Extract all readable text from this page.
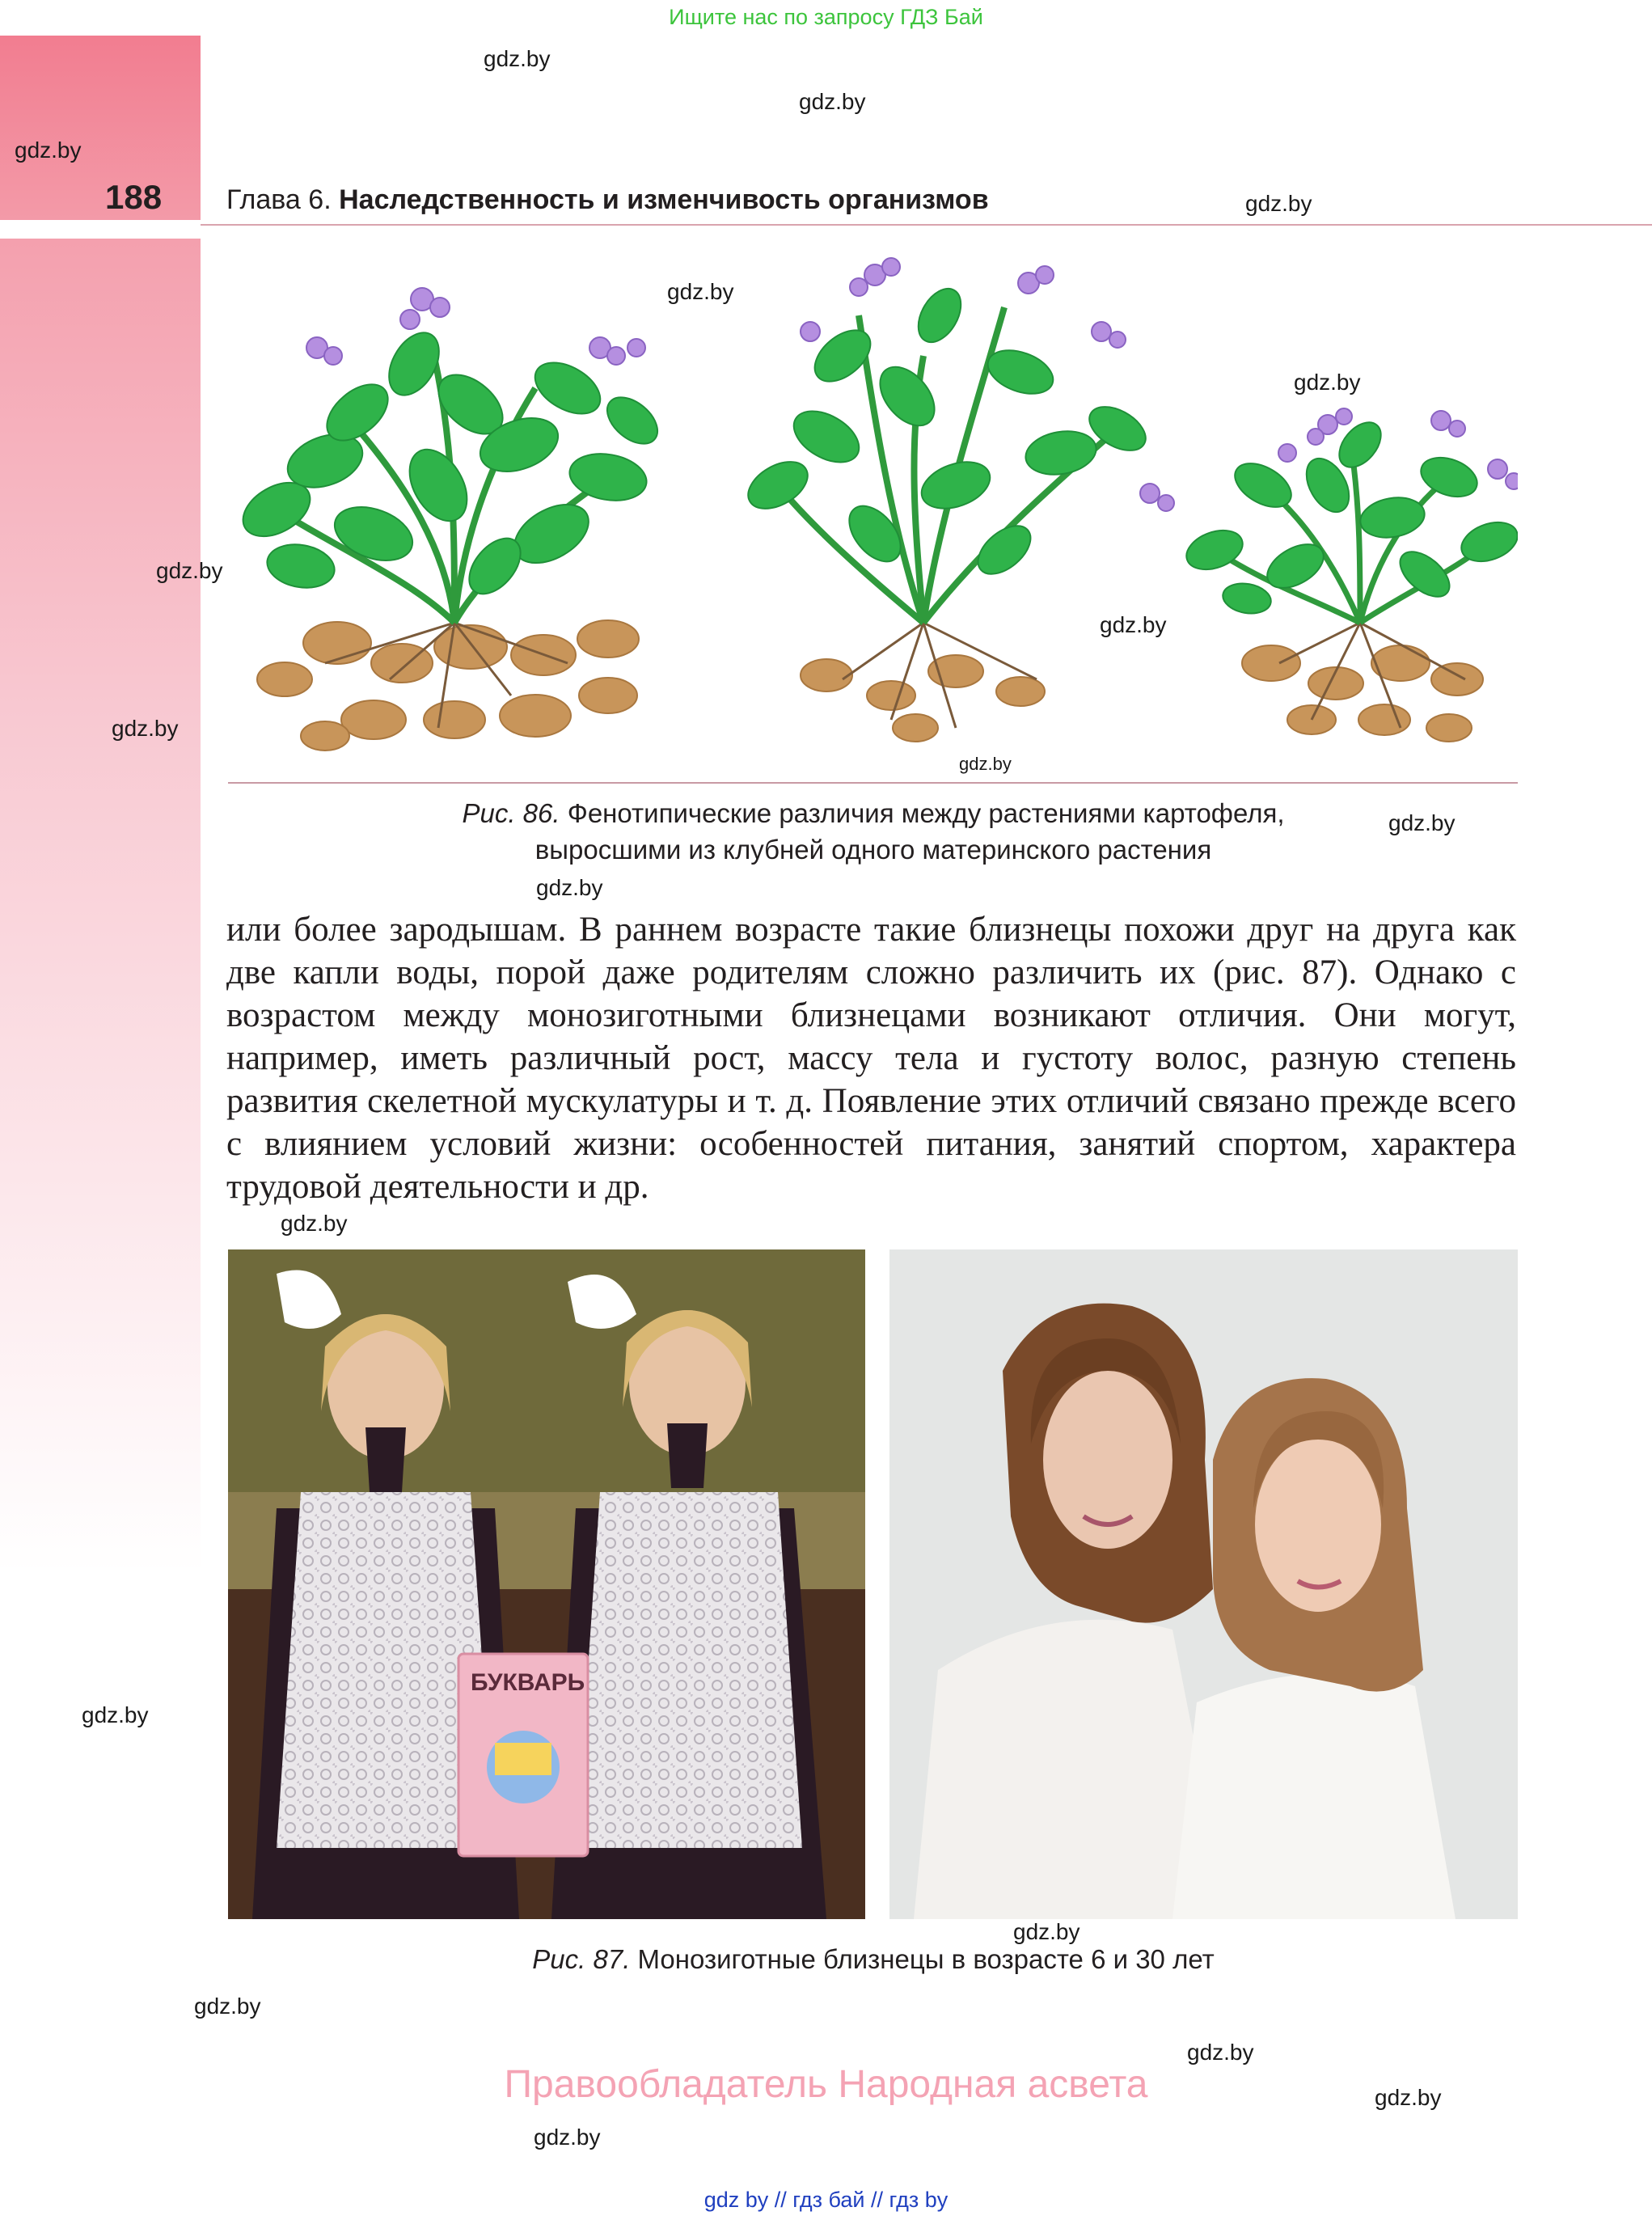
Ищите нас по запросу ГДЗ Бай
188 Глава 6. Наследственность и изменчивость организмов
gdz.by
gdz.by
gdz.by
gdz.by
gdz.by
gdz.by
gdz.by
gdz.by
gdz.by
gdz.by
gdz.by
gdz.by
gdz.by
gdz.by
gdz.by
gdz.by
gdz.by
gdz.by
gdz.by
Рис. 86. Фенотипические различия между растениями картофеля,
выросшими из клубней одного материнского растения
или более зародышам. В раннем возрасте такие близнецы похожи друг на друга как две капли воды, порой даже родителям сложно различить их (рис. 87). Однако с возрастом между монозиготными близнецами возникают отличия. Они могут, например, иметь различный рост, массу тела и густоту волос, разную степень развития скелетной мускулатуры и т. д. Появление этих отличий связано прежде всего с влиянием условий жизни: особенностей питания, занятий спортом, характера трудовой деятельности и др.
БУКВАРЬ
Рис. 87. Монозиготные близнецы в возрасте 6 и 30 лет
Правообладатель Народная асвета
gdz by // гдз бай // гдз by
